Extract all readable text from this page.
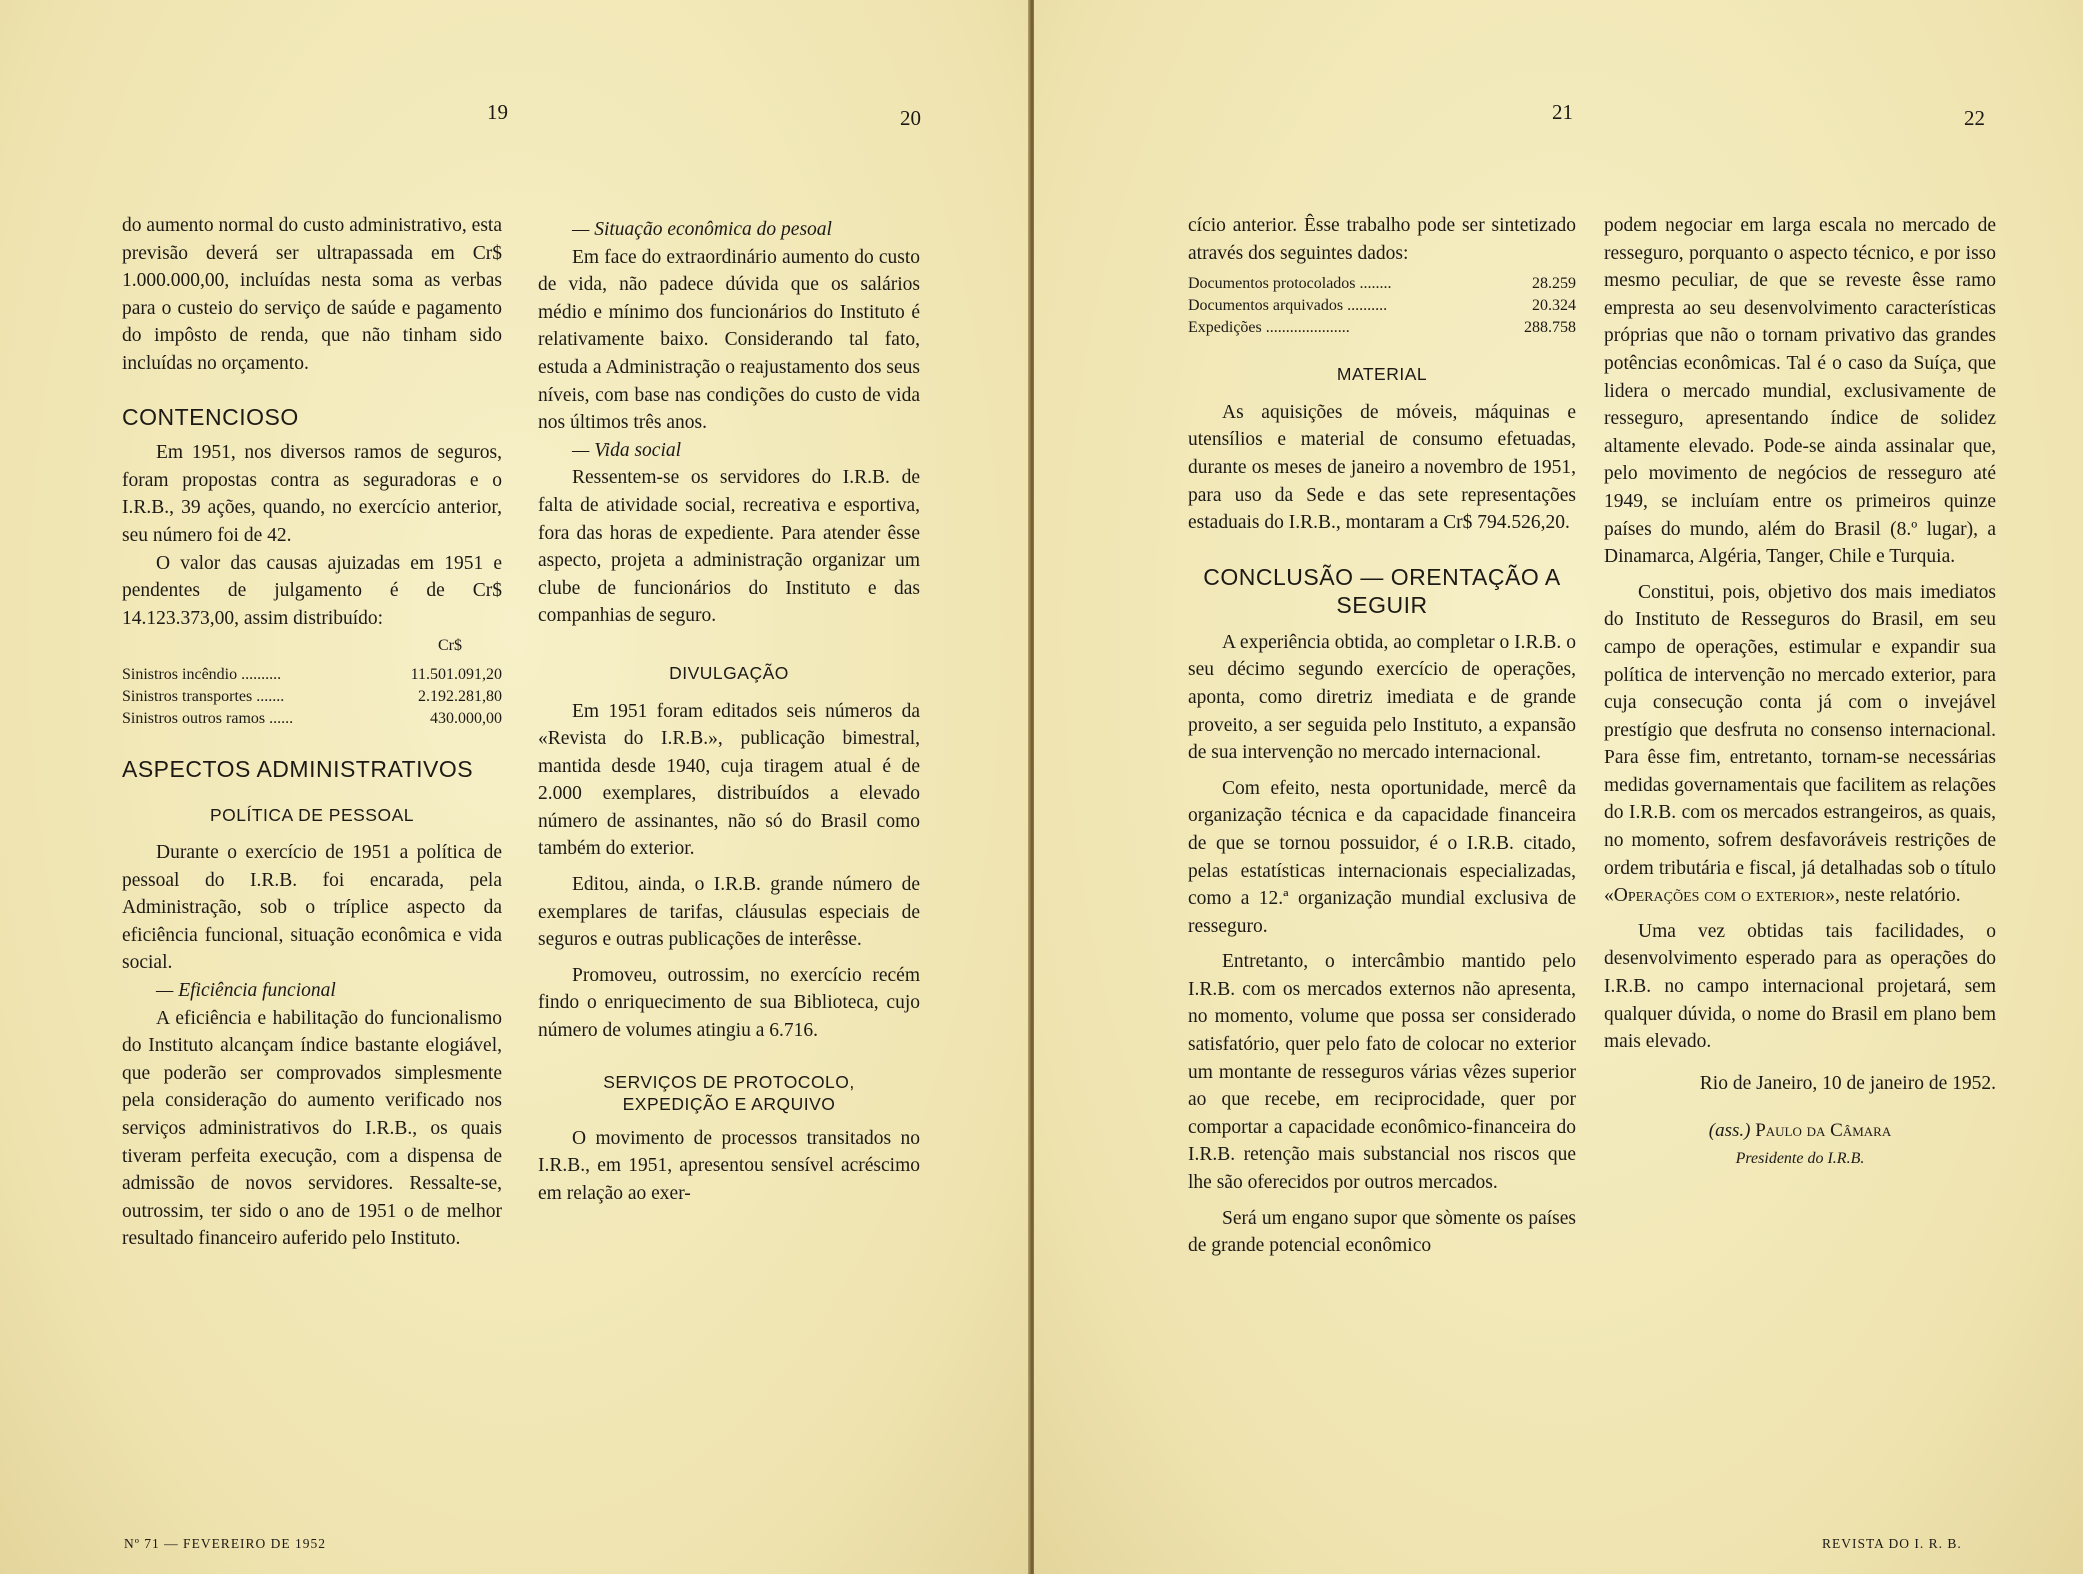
19	20	21	22

do aumento normal do custo administrativo, esta previsão deverá ser ultrapassada em Cr$ 1.000.000,00, incluídas nesta soma as verbas para o custeio do serviço de saúde e pagamento do impôsto de renda, que não tinham sido incluídas no orçamento.

CONTENCIOSO

Em 1951, nos diversos ramos de seguros, foram propostas contra as seguradoras e o I.R.B., 39 ações, quando, no exercício anterior, seu número foi de 42.

O valor das causas ajuizadas em 1951 e pendentes de julgamento é de Cr$ 14.123.373,00, assim distribuído:

Cr$
Sinistros incêndio ..........	11.501.091,20
Sinistros transportes .......	2.192.281,80
Sinistros outros ramos ......	430.000,00
ASPECTOS ADMINISTRATIVOS
POLÍTICA DE PESSOAL

Durante o exercício de 1951 a política de pessoal do I.R.B. foi encarada, pela Administração, sob o tríplice aspecto da eficiência funcional, situação econômica e vida social.

— Eficiência funcional

A eficiência e habilitação do funcionalismo do Instituto alcançam índice bastante elogiável, que poderão ser comprovados simplesmente pela consideração do aumento verificado nos serviços administrativos do I.R.B., os quais tiveram perfeita execução, com a dispensa de admissão de novos servidores. Ressalte-se, outrossim, ter sido o ano de 1951 o de melhor resultado financeiro auferido pelo Instituto.

— Situação econômica do pesoal

Em face do extraordinário aumento do custo de vida, não padece dúvida que os salários médio e mínimo dos funcionários do Instituto é relativamente baixo. Considerando tal fato, estuda a Administração o reajustamento dos seus níveis, com base nas condições do custo de vida nos últimos três anos.

— Vida social

Ressentem-se os servidores do I.R.B. de falta de atividade social, recreativa e esportiva, fora das horas de expediente. Para atender êsse aspecto, projeta a administração organizar um clube de funcionários do Instituto e das companhias de seguro.

DIVULGAÇÃO

Em 1951 foram editados seis números da «Revista do I.R.B.», publicação bimestral, mantida desde 1940, cuja tiragem atual é de 2.000 exemplares, distribuídos a elevado número de assinantes, não só do Brasil como também do exterior.

Editou, ainda, o I.R.B. grande número de exemplares de tarifas, cláusulas especiais de seguros e outras publicações de interêsse.

Promoveu, outrossim, no exercício recém findo o enriquecimento de sua Biblioteca, cujo número de volumes atingiu a 6.716.

SERVIÇOS DE PROTOCOLO, EXPEDIÇÃO E ARQUIVO

O movimento de processos transitados no I.R.B., em 1951, apresentou sensível acréscimo em relação ao exer-

cício anterior. Êsse trabalho pode ser sintetizado através dos seguintes dados:

Documentos protocolados ........	28.259
Documentos arquivados ..........	20.324
Expedições .....................	288.758
MATERIAL

As aquisições de móveis, máquinas e utensílios e material de consumo efetuadas, durante os meses de janeiro a novembro de 1951, para uso da Sede e das sete representações estaduais do I.R.B., montaram a Cr$ 794.526,20.

CONCLUSÃO — ORENTAÇÃO A SEGUIR

A experiência obtida, ao completar o I.R.B. o seu décimo segundo exercício de operações, aponta, como diretriz imediata e de grande proveito, a ser seguida pelo Instituto, a expansão de sua intervenção no mercado internacional.

Com efeito, nesta oportunidade, mercê da organização técnica e da capacidade financeira de que se tornou possuidor, é o I.R.B. citado, pelas estatísticas internacionais especializadas, como a 12.ª organização mundial exclusiva de resseguro.

Entretanto, o intercâmbio mantido pelo I.R.B. com os mercados externos não apresenta, no momento, volume que possa ser considerado satisfatório, quer pelo fato de colocar no exterior um montante de resseguros várias vêzes superior ao que recebe, em reciprocidade, quer por comportar a capacidade econômico-financeira do I.R.B. retenção mais substancial nos riscos que lhe são oferecidos por outros mercados.

Será um engano supor que sòmente os países de grande potencial econômico

podem negociar em larga escala no mercado de resseguro, porquanto o aspecto técnico, e por isso mesmo peculiar, de que se reveste êsse ramo empresta ao seu desenvolvimento características próprias que não o tornam privativo das grandes potências econômicas. Tal é o caso da Suíça, que lidera o mercado mundial, exclusivamente de resseguro, apresentando índice de solidez altamente elevado. Pode-se ainda assinalar que, pelo movimento de negócios de resseguro até 1949, se incluíam entre os primeiros quinze países do mundo, além do Brasil (8.º lugar), a Dinamarca, Algéria, Tanger, Chile e Turquia.

Constitui, pois, objetivo dos mais imediatos do Instituto de Resseguros do Brasil, em seu campo de operações, estimular e expandir sua política de intervenção no mercado exterior, para cuja consecução conta já com o invejável prestígio que desfruta no consenso internacional. Para êsse fim, entretanto, tornam-se necessárias medidas governamentais que facilitem as relações do I.R.B. com os mercados estrangeiros, as quais, no momento, sofrem desfavoráveis restrições de ordem tributária e fiscal, já detalhadas sob o título «Operações com o exterior», neste relatório.

Uma vez obtidas tais facilidades, o desenvolvimento esperado para as operações do I.R.B. no campo internacional projetará, sem qualquer dúvida, o nome do Brasil em plano bem mais elevado.

Rio de Janeiro, 10 de janeiro de 1952.

(ass.) Paulo da Câmara
Presidente do I.R.B.
Nº 71 — FEVEREIRO DE 1952	REVISTA DO I. R. B.
